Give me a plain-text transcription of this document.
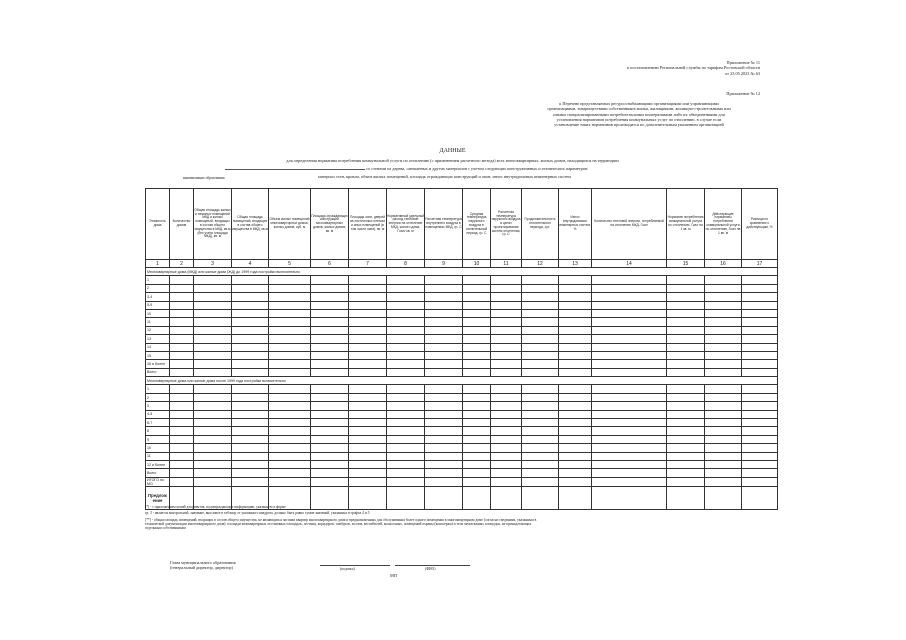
Приложение № 11
к постановлению Региональной службы по тарифам Ростовской области
от 23.05.2023 № 63
Приложение № 12
к Перечню представляемых ресурсоснабжающими организациями или управляющими
организациями, товариществами собственников жилья, жилищными, жилищно-строительными или
иными специализированными потребительскими кооперативами либо их объединениями для
установления нормативов потребления коммунальных услуг по отоплению, в случае если
установление таких нормативов производится по дополнительным указанным организацией
ДАННЫЕ
для определения норматива потребления коммунальной услуги по отоплению (с применением расчетного метода) всех многоквартирных, жилых домов, находящихся на территории
со стенами из дерева, смешанных и других материалов с учетом следующих конструктивных и технических параметров:
наименование образования	материал стен, кровли, объем жилых помещений, площадь ограждающих конструкций и окон, износ внутридомовых инженерных систем
Этажность дома	Количество домов	Общая площадь жилых и нежилых помещений МКД и жилых помещений, входящих в состав общего имущества в МКД, кв.м (без учета площади МКД), кв. м	Общая площадь помещений, входящих в состав общего имущества в МКД, кв.м	Объем жилых помещений многоквартирных домов, жилых домов, куб. м	Площадь ограждающих конструкций многоквартирных домов, жилых домов, кв. м	Площадь окон, дверей на лестничных клетках и иных помещений (в том числе окна), кв. м	Нормативный удельный расход тепловой энергии на отопление МКД, жилого дома, Гкал/ кв. м	Расчетная температура внутреннего воздуха в помещениях МКД, гр. С	Средняя температура наружного воздуха в отопительный период, гр. С	Расчетная температура наружного воздуха в целях проектирования систем отопления, гр. С	Продолжительность отопительного периода, сут.	Износ внутридомовых инженерных систем, %	Количество тепловой энергии, потребляемой на отопление МКД, Гкал	Норматив потребления коммунальной услуги по отоплению, Гкал на 1 кв. м	Действующие нормативы потребления коммунальной услуги по отоплению, Гкал на 1 кв. м	Разница по сравнению с действующим, %
1	2	3	4	5	6	7	8	9	10	11	12	13	14	15	16	17
Многоквартирные дома (МКД) или жилые дома (ЖД) до 1999 года постройки включительно																
1																
2																
3-4																
5-9																
10																
11																
12																
13																
14																
15																
16 и более																
Всего																
Многоквартирные дома или жилые дома после 1999 года постройки включительно																
1																
2																
3																
4-5																
6-7																
8																
9																
10																
11																
12 и более																
Всего																
ИТОГО по МО																
Предлож ение																
(*) - с приложением копий документов, подтверждающих информацию, указанную в форме
гр. 3 - является контрольной, значение, вносимое в таблицу от указанного квадрата, должно быть равно сумме значений, указанных в графах 4 и 5
(**) - общая площадь помещений, входящих в состав общего имущества, не являющихся частями квартир многоквартирного дома и предназначенных для обслуживания более одного помещения в многоквартирном доме (согласно сведениям, указанным в
технической документации многоквартирного дома): площади межквартирных лестничных площадок, лестниц, коридоров, тамбуров, холлов, вестибюлей, колясочных, помещений охраны (консьержа) и этих межэтажных площадок, не принадлежащих
отдельным собственникам
Глава муниципального образования
(генеральный директор, директор)	(подпись)	(ФИО)
МП
